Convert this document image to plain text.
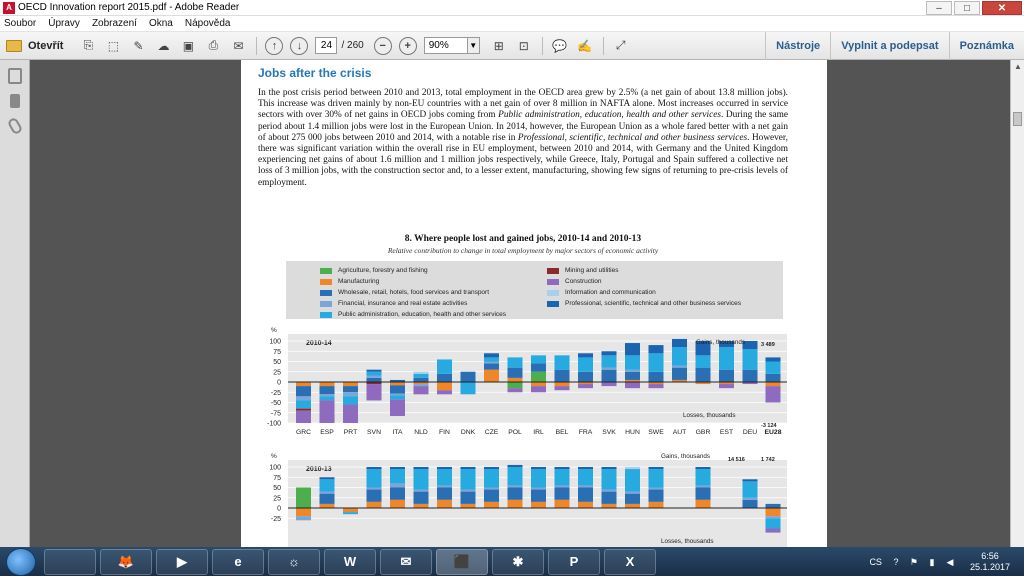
A OECD Innovation report 2015.pdf - Adobe Reader	–	□	✕
Soubor Úpravy Zobrazení Okna Nápověda
Otevřít	⎘	⬚	✎	☁ ▣	⎙	✉	↑	↓	24 / 260	−	+	90%	▼	⊞	⊡	💬 ✍	⤢	Nástroje	Vyplnit a podepsat	Poznámka
▲
Jobs after the crisis
In the post crisis period between 2010 and 2013, total employment in the OECD area grew by 2.5% (a net gain of about 13.8 million jobs). This increase was driven mainly by non-EU countries with a net gain of over 8 million in NAFTA alone. Most increases occurred in service sectors with over 30% of net gains in OECD jobs coming from Public administration, education, health and other services. During the same period about 1.4 million jobs were lost in the European Union. In 2014, however, the European Union as a whole fared better with a net gain of about 275 000 jobs between 2010 and 2014, with a notable rise in Professional, scientific, technical and other business services. However, there was significant variation within the overall rise in EU employment, between 2010 and 2014, with Germany and the United Kingdom experiencing net gains of about 1.6 million and 1 million jobs respectively, while Greece, Italy, Portugal and Spain suffered a collective net loss of 3 million jobs, with the construction sector and, to a lesser extent, manufacturing, showing few signs of returning to pre-crisis levels of employment.
8. Where people lost and gained jobs, 2010-14 and 2010-13
Relative contribution to change in total employment by major sectors of economic activity
Agriculture, forestry and fishing
Manufacturing
Wholesale, retail, hotels, food services and transport
Financial, insurance and real estate activities
Public administration, education, health and other services
Mining and utilities
Construction
Information and communication
Professional, scientific, technical and other business services
%
2010-14
100
75
50
25
0
-25
-50
-75
-100
GRC ESP PRT SVN ITA NLD FIN DNK CZE POL IRL BEL FRA SVK HUN SWE AUT GBR EST DEU EU28
Gains, thousands	3 489
Losses, thousands
-3 124
%
2010-13
100
75
50
25
0
-25
Gains, thousands	14 516	1 742
Losses, thousands
🦊	▶	e	☼	W	✉	⬛	✱	P	X	CS	?	⚑	▮	◀
6:56
25.1.2017
